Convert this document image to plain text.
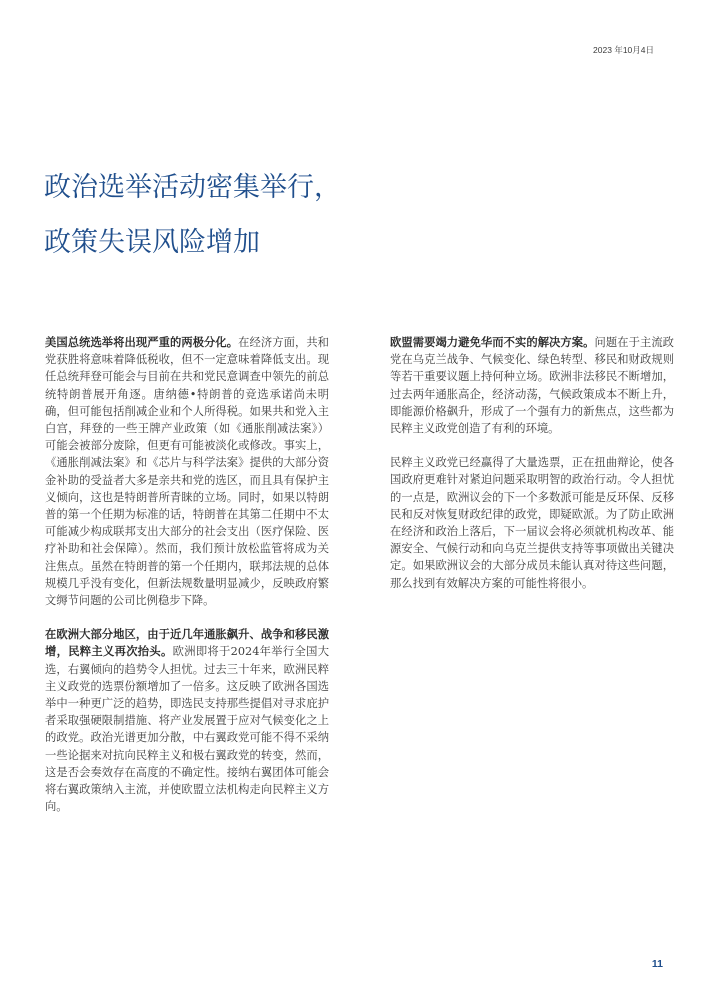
2023 年10月4日
政治选举活动密集举行，
政策失误风险增加

美国总统选举将出现严重的两极分化。在经济方面，共和党获胜将意味着降低税收，但不一定意味着降低支出。现任总统拜登可能会与目前在共和党民意调查中领先的前总统特朗普展开角逐。唐纳德•特朗普的竞选承诺尚未明确，但可能包括削减企业和个人所得税。如果共和党入主白宫，拜登的一些王牌产业政策（如《通胀削减法案》）可能会被部分废除，但更有可能被淡化或修改。事实上，《通胀削减法案》和《芯片与科学法案》提供的大部分资金补助的受益者大多是亲共和党的选区，而且具有保护主义倾向，这也是特朗普所青睐的立场。同时，如果以特朗普的第一个任期为标准的话，特朗普在其第二任期中不太可能减少构成联邦支出大部分的社会支出（医疗保险、医疗补助和社会保障）。然而，我们预计放松监管将成为关注焦点。虽然在特朗普的第一个任期内，联邦法规的总体规模几乎没有变化，但新法规数量明显减少，反映政府繁文缛节问题的公司比例稳步下降。

在欧洲大部分地区，由于近几年通胀飙升、战争和移民激增，民粹主义再次抬头。欧洲即将于2024年举行全国大选，右翼倾向的趋势令人担忧。过去三十年来，欧洲民粹主义政党的选票份额增加了一倍多。这反映了欧洲各国选举中一种更广泛的趋势，即选民支持那些提倡对寻求庇护者采取强硬限制措施、将产业发展置于应对气候变化之上的政党。政治光谱更加分散，中右翼政党可能不得不采纳一些论据来对抗向民粹主义和极右翼政党的转变，然而，这是否会奏效存在高度的不确定性。接纳右翼团体可能会将右翼政策纳入主流，并使欧盟立法机构走向民粹主义方向。

欧盟需要竭力避免华而不实的解决方案。问题在于主流政党在乌克兰战争、气候变化、绿色转型、移民和财政规则等若干重要议题上持何种立场。欧洲非法移民不断增加，过去两年通胀高企，经济动荡，气候政策成本不断上升，即能源价格飙升，形成了一个强有力的新焦点，这些都为民粹主义政党创造了有利的环境。

民粹主义政党已经赢得了大量选票，正在扭曲辩论，使各国政府更难针对紧迫问题采取明智的政治行动。令人担忧的一点是，欧洲议会的下一个多数派可能是反环保、反移民和反对恢复财政纪律的政党，即疑欧派。为了防止欧洲在经济和政治上落后，下一届议会将必须就机构改革、能源安全、气候行动和向乌克兰提供支持等事项做出关键决定。如果欧洲议会的大部分成员未能认真对待这些问题，那么找到有效解决方案的可能性将很小。

11
